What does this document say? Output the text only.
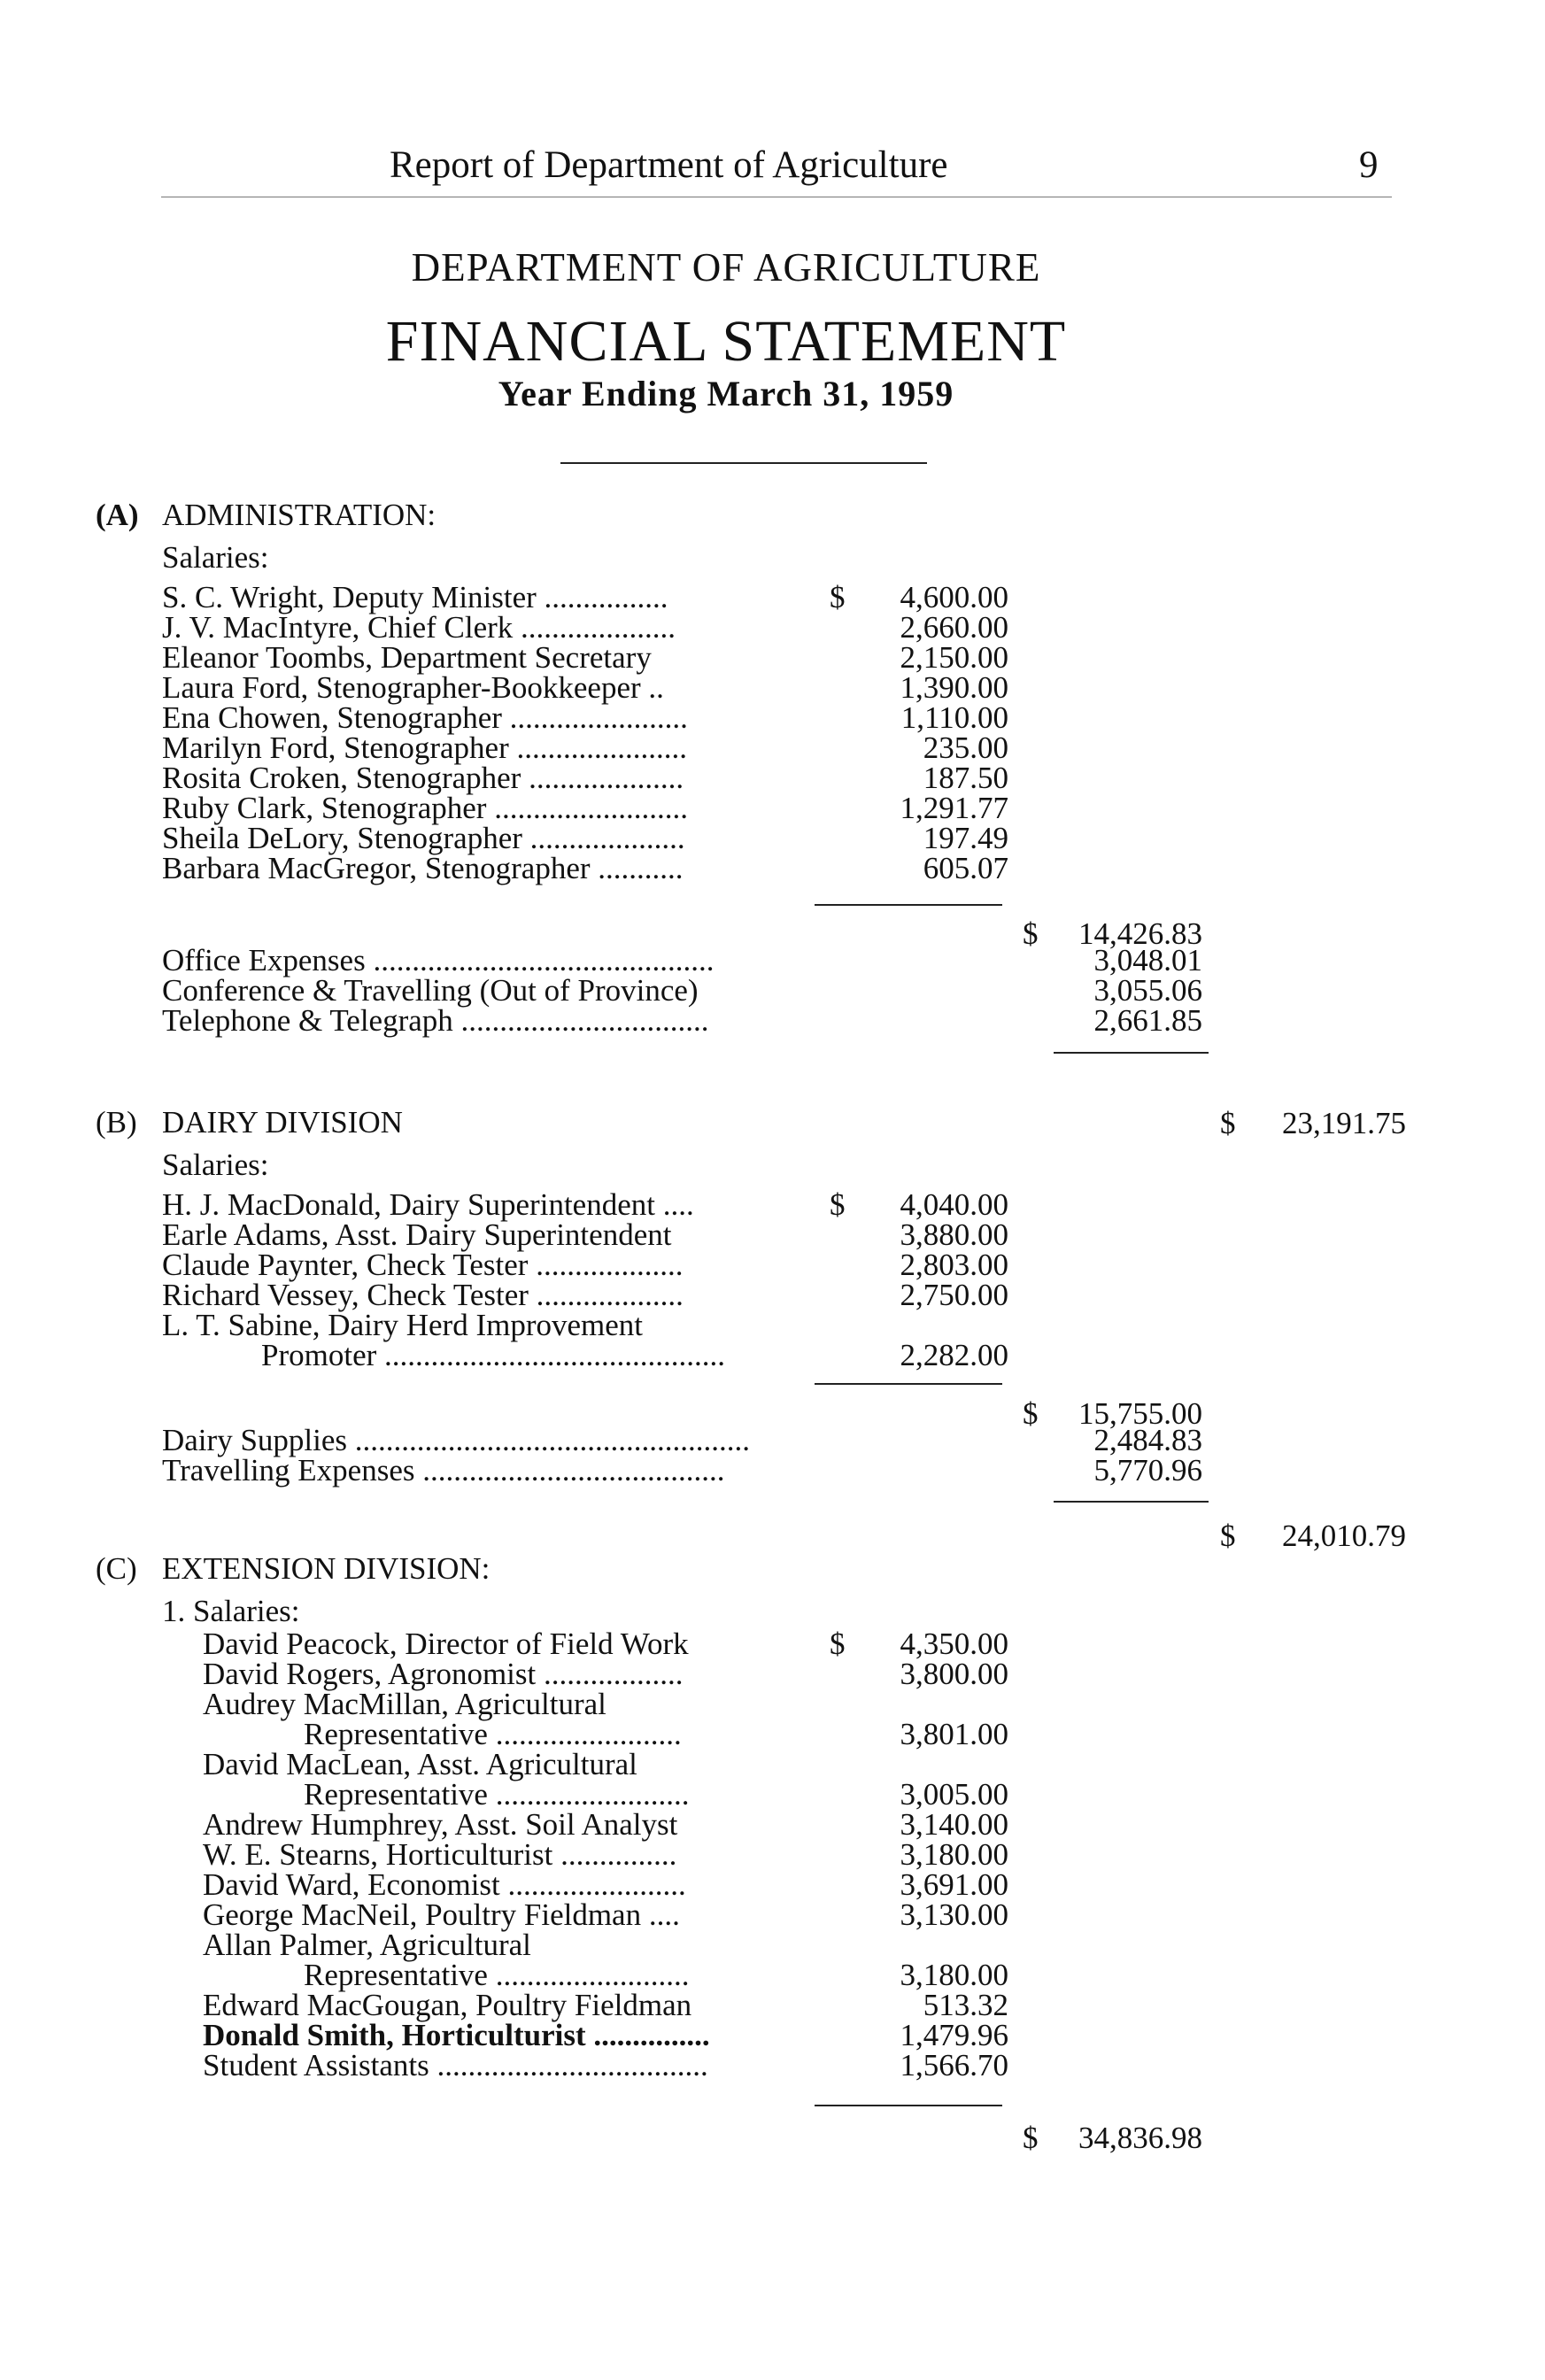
Report of Department of Agriculture	9
DEPARTMENT OF AGRICULTURE
FINANCIAL STATEMENT
Year Ending March 31, 1959
(A) ADMINISTRATION:
Salaries:
S. C. Wright, Deputy Minister ................	$	4,600.00
J. V. MacIntyre, Chief Clerk ....................	2,660.00
Eleanor Toombs, Department Secretary	2,150.00
Laura Ford, Stenographer-Bookkeeper ..	1,390.00
Ena Chowen, Stenographer .......................	1,110.00
Marilyn Ford, Stenographer ......................	235.00
Rosita Croken, Stenographer ....................	187.50
Ruby Clark, Stenographer .........................	1,291.77
Sheila DeLory, Stenographer ....................	197.49
Barbara MacGregor, Stenographer ...........	605.07
$	14,426.83
Office Expenses ............................................	3,048.01
Conference & Travelling (Out of Province)	3,055.06
Telephone & Telegraph ................................	2,661.85
$	23,191.75
(B) DAIRY DIVISION
Salaries:
H. J. MacDonald, Dairy Superintendent ....	$	4,040.00
Earle Adams, Asst. Dairy Superintendent	3,880.00
Claude Paynter, Check Tester ...................	2,803.00
Richard Vessey, Check Tester ...................	2,750.00
L. T. Sabine, Dairy Herd Improvement
Promoter ............................................	2,282.00
$	15,755.00
Dairy Supplies ...................................................	2,484.83
Travelling Expenses .......................................	5,770.96
$	24,010.79
(C) EXTENSION DIVISION:
1. Salaries:
David Peacock, Director of Field Work	$	4,350.00
David Rogers, Agronomist ..................	3,800.00
Audrey MacMillan, Agricultural
Representative ........................	3,801.00
David MacLean, Asst. Agricultural
Representative .........................	3,005.00
Andrew Humphrey, Asst. Soil Analyst	3,140.00
W. E. Stearns, Horticulturist ...............	3,180.00
David Ward, Economist .......................	3,691.00
George MacNeil, Poultry Fieldman ....	3,130.00
Allan Palmer, Agricultural
Representative .........................	3,180.00
Edward MacGougan, Poultry Fieldman	513.32
Donald Smith, Horticulturist ...............	1,479.96
Student Assistants ...................................	1,566.70
$	34,836.98
